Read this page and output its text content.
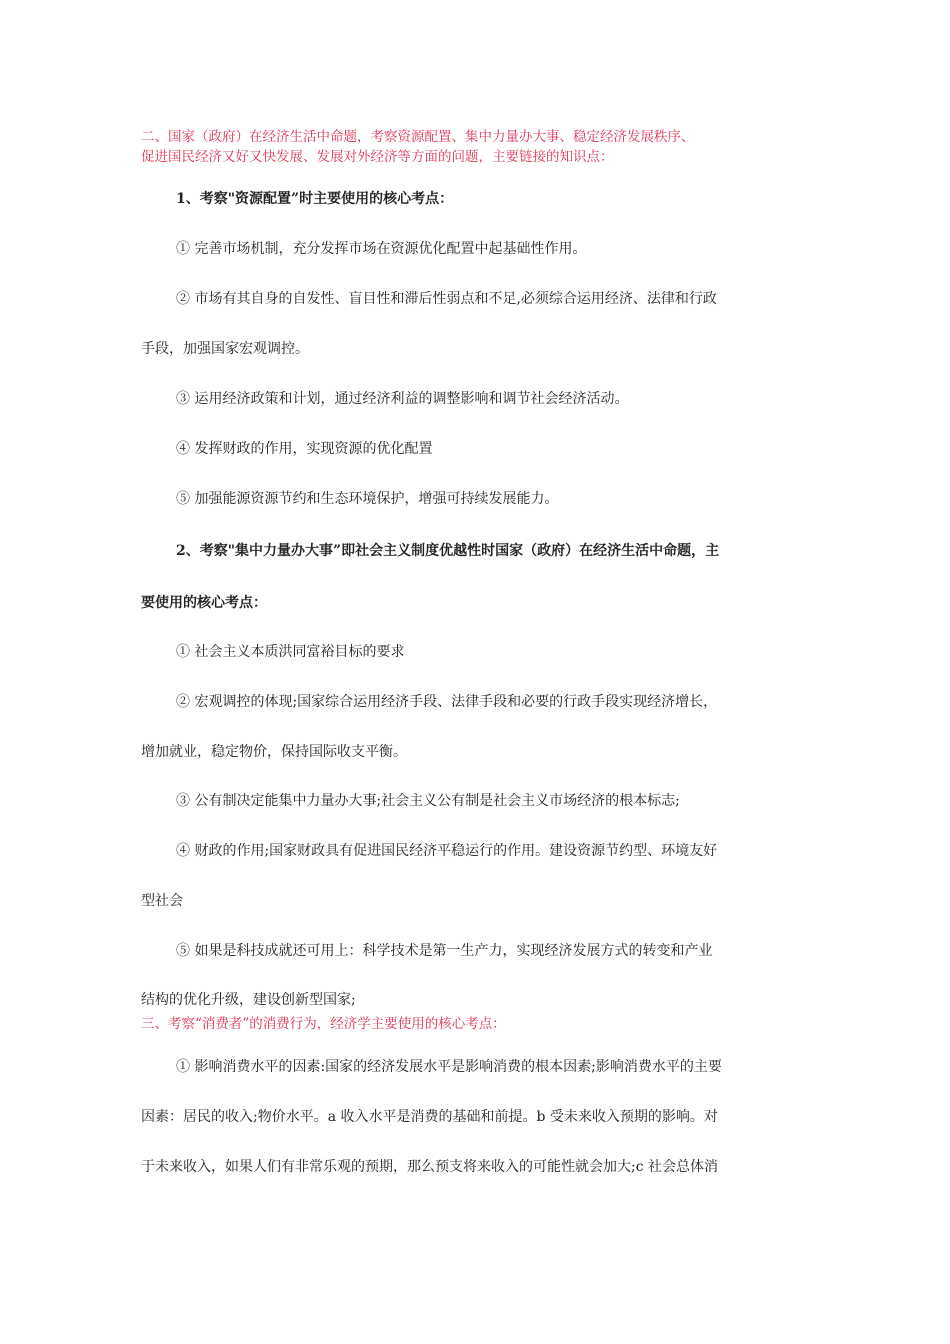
二、国家（政府）在经济生活中命题，考察资源配置、集中力量办大事、稳定经济发展秩序、
促进国民经济又好又快发展、发展对外经济等方面的问题，主要链接的知识点：
1、考察"资源配置”时主要使用的核心考点：
① 完善市场机制，充分发挥市场在资源优化配置中起基础性作用。
② 市场有其自身的自发性、盲目性和滞后性弱点和不足,必须综合运用经济、法律和行政
手段，加强国家宏观调控。
③ 运用经济政策和计划，通过经济利益的调整影响和调节社会经济活动。
④ 发挥财政的作用，实现资源的优化配置
⑤ 加强能源资源节约和生态环境保护，增强可持续发展能力。
2、考察"集中力量办大事”即社会主义制度优越性时国家（政府）在经济生活中命题，主
要使用的核心考点：
① 社会主义本质洪同富裕目标的要求
② 宏观调控的体现;国家综合运用经济手段、法律手段和必要的行政手段实现经济增长，
增加就业，稳定物价，保持国际收支平衡。
③ 公有制决定能集中力量办大事;社会主义公有制是社会主义市场经济的根本标志;
④ 财政的作用;国家财政具有促进国民经济平稳运行的作用。建设资源节约型、环境友好
型社会
⑤ 如果是科技成就还可用上：科学技术是第一生产力，实现经济发展方式的转变和产业
结构的优化升级，建设创新型国家;
三、考察“消费者”的消费行为，经济学主要使用的核心考点：
① 影响消费水平的因素:国家的经济发展水平是影响消费的根本因素;影响消费水平的主要
因素：居民的收入;物价水平。a 收入水平是消费的基础和前提。b 受未来收入预期的影响。对
于未来收入，如果人们有非常乐观的预期，那么预支将来收入的可能性就会加大;c 社会总体消
